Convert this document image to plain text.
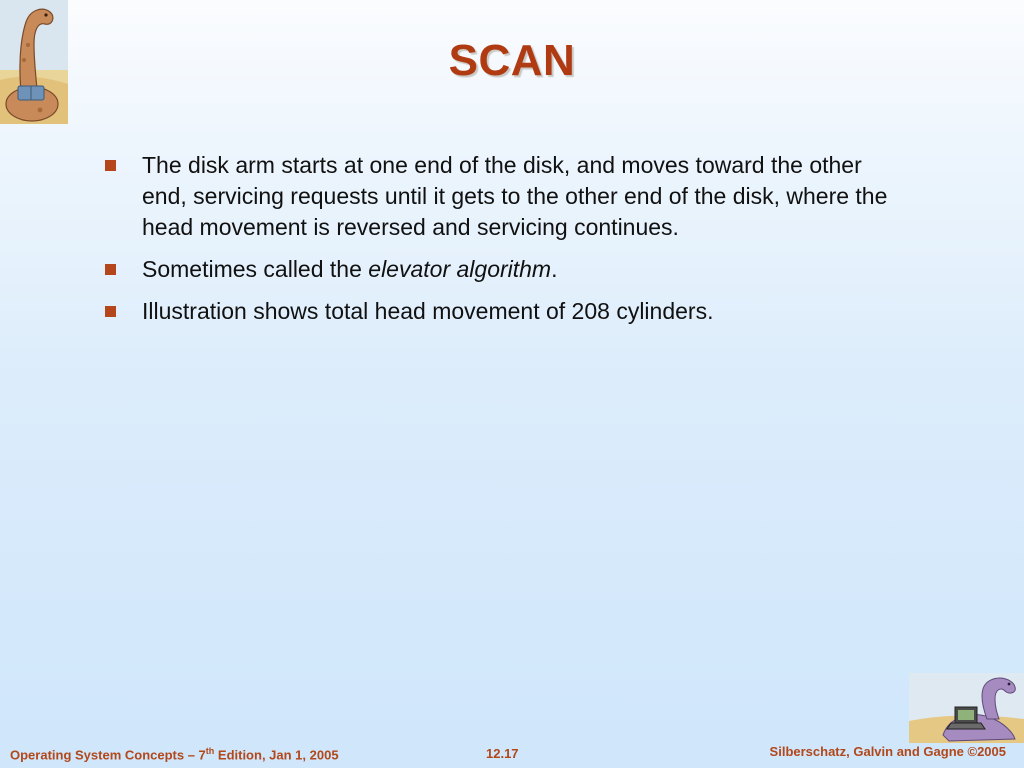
SCAN
The disk arm starts at one end of the disk, and moves toward the other end, servicing requests until it gets to the other end of the disk, where the head movement is reversed and servicing continues.
Sometimes called the elevator algorithm.
Illustration shows total head movement of 208 cylinders.
Operating System Concepts – 7th Edition, Jan 1, 2005	12.17	Silberschatz, Galvin and Gagne ©2005
